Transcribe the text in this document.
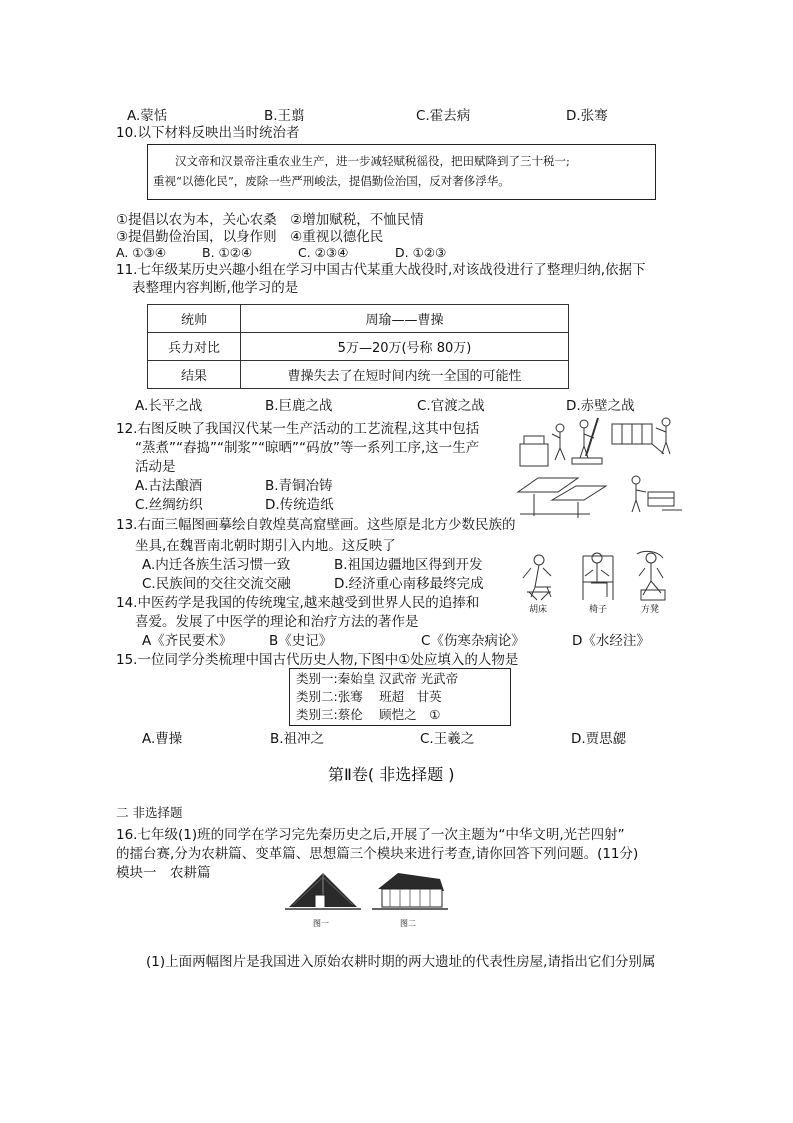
A.蒙恬	B.王翦	C.霍去病	D.张骞
10.以下材料反映出当时统治者
汉文帝和汉景帝注重农业生产，进一步减轻赋税徭役，把田赋降到了三十税一;
重视“以德化民”，废除一些严刑峻法，提倡勤俭治国，反对奢侈浮华。
①提倡以农为本，关心农桑　②增加赋税，不恤民情
③提倡勤俭治国，以身作则　④重视以德化民
A. ①③④	B. ①②④	C. ②③④	D. ①②③
11.七年级某历史兴趣小组在学习中国古代某重大战役时,对该战役进行了整理归纳,依据下
表整理内容判断,他学习的是
统帅	周瑜——曹操
兵力对比	5万—20万(号称 80万)
结果	曹操失去了在短时间内统一全国的可能性
A.长平之战	B.巨鹿之战	C.官渡之战	D.赤壁之战
12.右图反映了我国汉代某一生产活动的工艺流程,这其中包括
“蒸煮”“舂捣”“制浆”“晾晒”“码放”等一系列工序,这一生产
活动是
A.古法酿酒	B.青铜冶铸
C.丝绸纺织	D.传统造纸
13.右面三幅图画摹绘自敦煌莫高窟壁画。这些原是北方少数民族的
坐具,在魏晋南北朝时期引入内地。这反映了
A.内迁各族生活习惯一致	B.祖国边疆地区得到开发
C.民族间的交往交流交融	D.经济重心南移最终完成
胡床	椅子	方凳
14.中医药学是我国的传统瑰宝,越来越受到世界人民的追捧和
喜爱。发展了中医学的理论和治疗方法的著作是
A《齐民要术》	B《史记》	C《伤寒杂病论》	D《水经注》
15.一位同学分类梳理中国古代历史人物,下图中①处应填入的人物是
类别一:秦始皇 汉武帝 光武帝
类别二:张骞　 班超　甘英
类别三:蔡伦　 顾恺之　①
A.曹操	B.祖冲之	C.王羲之	D.贾思勰
第Ⅱ卷( 非选择题 )
二 非选择题
16.七年级(1)班的同学在学习完先秦历史之后,开展了一次主题为“中华文明,光芒四射”
的擂台赛,分为农耕篇、变革篇、思想篇三个模块来进行考查,请你回答下列问题。(11分)
模块一　农耕篇
图一	图二
(1)上面两幅图片是我国进入原始农耕时期的两大遗址的代表性房屋,请指出它们分别属
